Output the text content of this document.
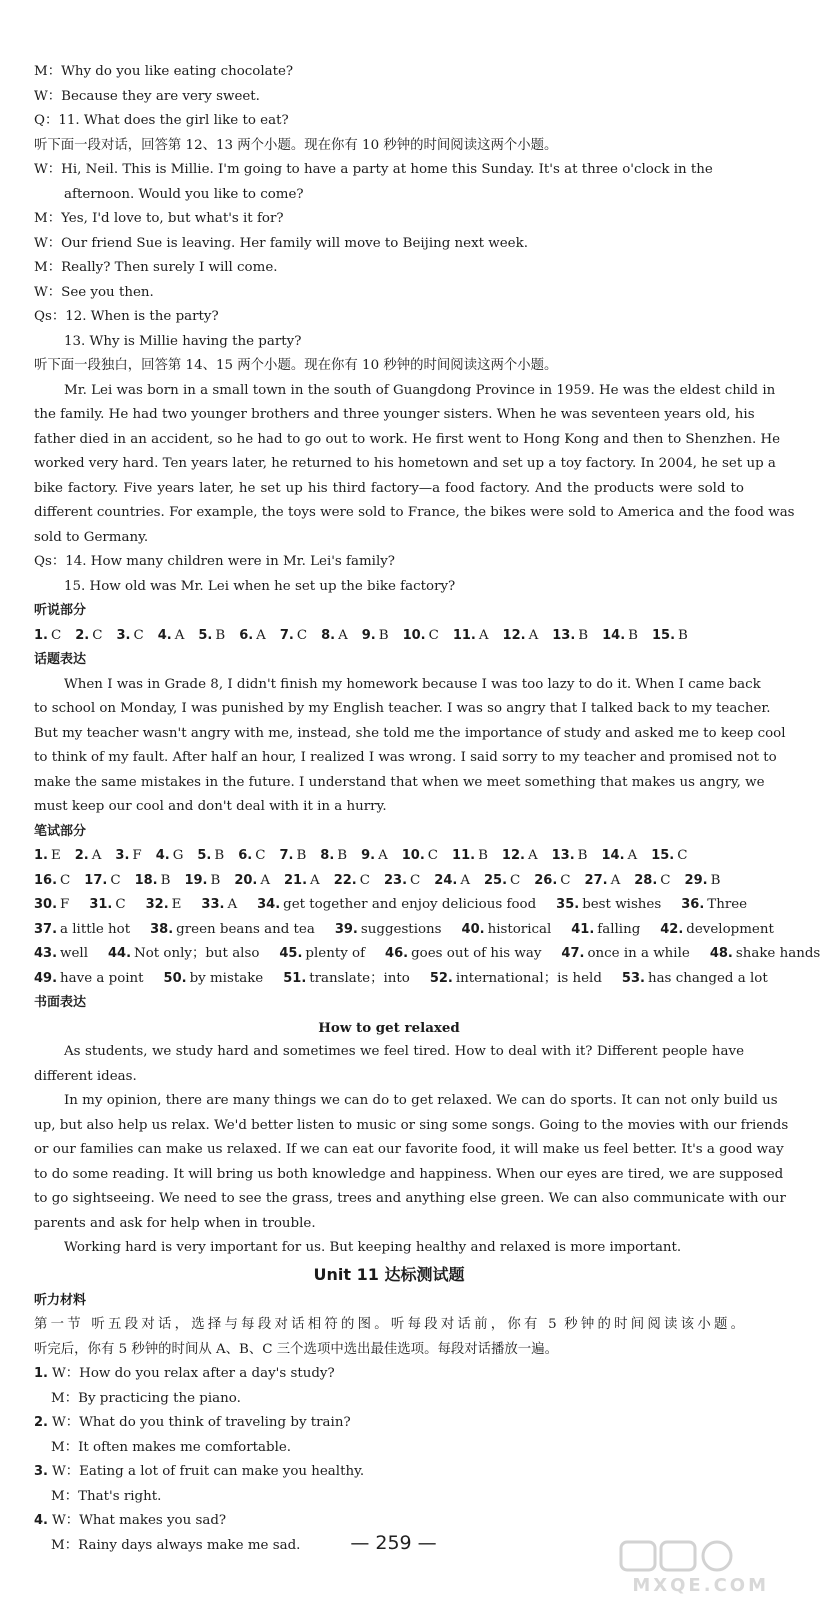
M：Why do you like eating chocolate?
W：Because they are very sweet.
Q：11. What does the girl like to eat?
听下面一段对话，回答第 12、13 两个小题。现在你有 10 秒钟的时间阅读这两个小题。
W：Hi, Neil. This is Millie. I'm going to have a party at home this Sunday. It's at three o'clock in the
afternoon. Would you like to come?
M：Yes, I'd love to, but what's it for?
W：Our friend Sue is leaving. Her family will move to Beijing next week.
M：Really? Then surely I will come.
W：See you then.
Qs：12. When is the party?
13. Why is Millie having the party?
听下面一段独白，回答第 14、15 两个小题。现在你有 10 秒钟的时间阅读这两个小题。
Mr. Lei was born in a small town in the south of Guangdong Province in 1959. He was the eldest child in
the family. He had two younger brothers and three younger sisters. When he was seventeen years old, his
father died in an accident, so he had to go out to work. He first went to Hong Kong and then to Shenzhen. He
worked very hard. Ten years later, he returned to his hometown and set up a toy factory. In 2004, he set up a
bike factory. Five years later, he set up his third factory—a food factory. And the products were sold to
different countries. For example, the toys were sold to France, the bikes were sold to America and the food was
sold to Germany.
Qs：14. How many children were in Mr. Lei's family?
15. How old was Mr. Lei when he set up the bike factory?
听说部分
1. C 2. C 3. C 4. A 5. B 6. A 7. C 8. A 9. B 10. C 11. A 12. A 13. B 14. B 15. B
话题表达
When I was in Grade 8, I didn't finish my homework because I was too lazy to do it. When I came back
to school on Monday, I was punished by my English teacher. I was so angry that I talked back to my teacher.
But my teacher wasn't angry with me, instead, she told me the importance of study and asked me to keep cool
to think of my fault. After half an hour, I realized I was wrong. I said sorry to my teacher and promised not to
make the same mistakes in the future. I understand that when we meet something that makes us angry, we
must keep our cool and don't deal with it in a hurry.
笔试部分
1. E 2. A 3. F 4. G 5. B 6. C 7. B 8. B 9. A 10. C 11. B 12. A 13. B 14. A 15. C
16. C 17. C 18. B 19. B 20. A 21. A 22. C 23. C 24. A 25. C 26. C 27. A 28. C 29. B
30. F 31. C 32. E 33. A 34. get together and enjoy delicious food 35. best wishes 36. Three
37. a little hot 38. green beans and tea 39. suggestions 40. historical 41. falling 42. development
43. well 44. Not only；but also 45. plenty of 46. goes out of his way 47. once in a while 48. shake hands
49. have a point 50. by mistake 51. translate；into 52. international；is held 53. has changed a lot
书面表达
How to get relaxed
As students, we study hard and sometimes we feel tired. How to deal with it? Different people have
different ideas.
In my opinion, there are many things we can do to get relaxed. We can do sports. It can not only build us
up, but also help us relax. We'd better listen to music or sing some songs. Going to the movies with our friends
or our families can make us relaxed. If we can eat our favorite food, it will make us feel better. It's a good way
to do some reading. It will bring us both knowledge and happiness. When our eyes are tired, we are supposed
to go sightseeing. We need to see the grass, trees and anything else green. We can also communicate with our
parents and ask for help when in trouble.
Working hard is very important for us. But keeping healthy and relaxed is more important.
Unit 11 达标测试题
听力材料
第一节 听五段对话，选择与每段对话相符的图。听每段对话前，你有 5 秒钟的时间阅读该小题。
听完后，你有 5 秒钟的时间从 A、B、C 三个选项中选出最佳选项。每段对话播放一遍。
1. W：How do you relax after a day's study?
M：By practicing the piano.
2. W：What do you think of traveling by train?
M：It often makes me comfortable.
3. W：Eating a lot of fruit can make you healthy.
M：That's right.
4. W：What makes you sad?
M：Rainy days always make me sad.	— 259 —
MXQE.COM
